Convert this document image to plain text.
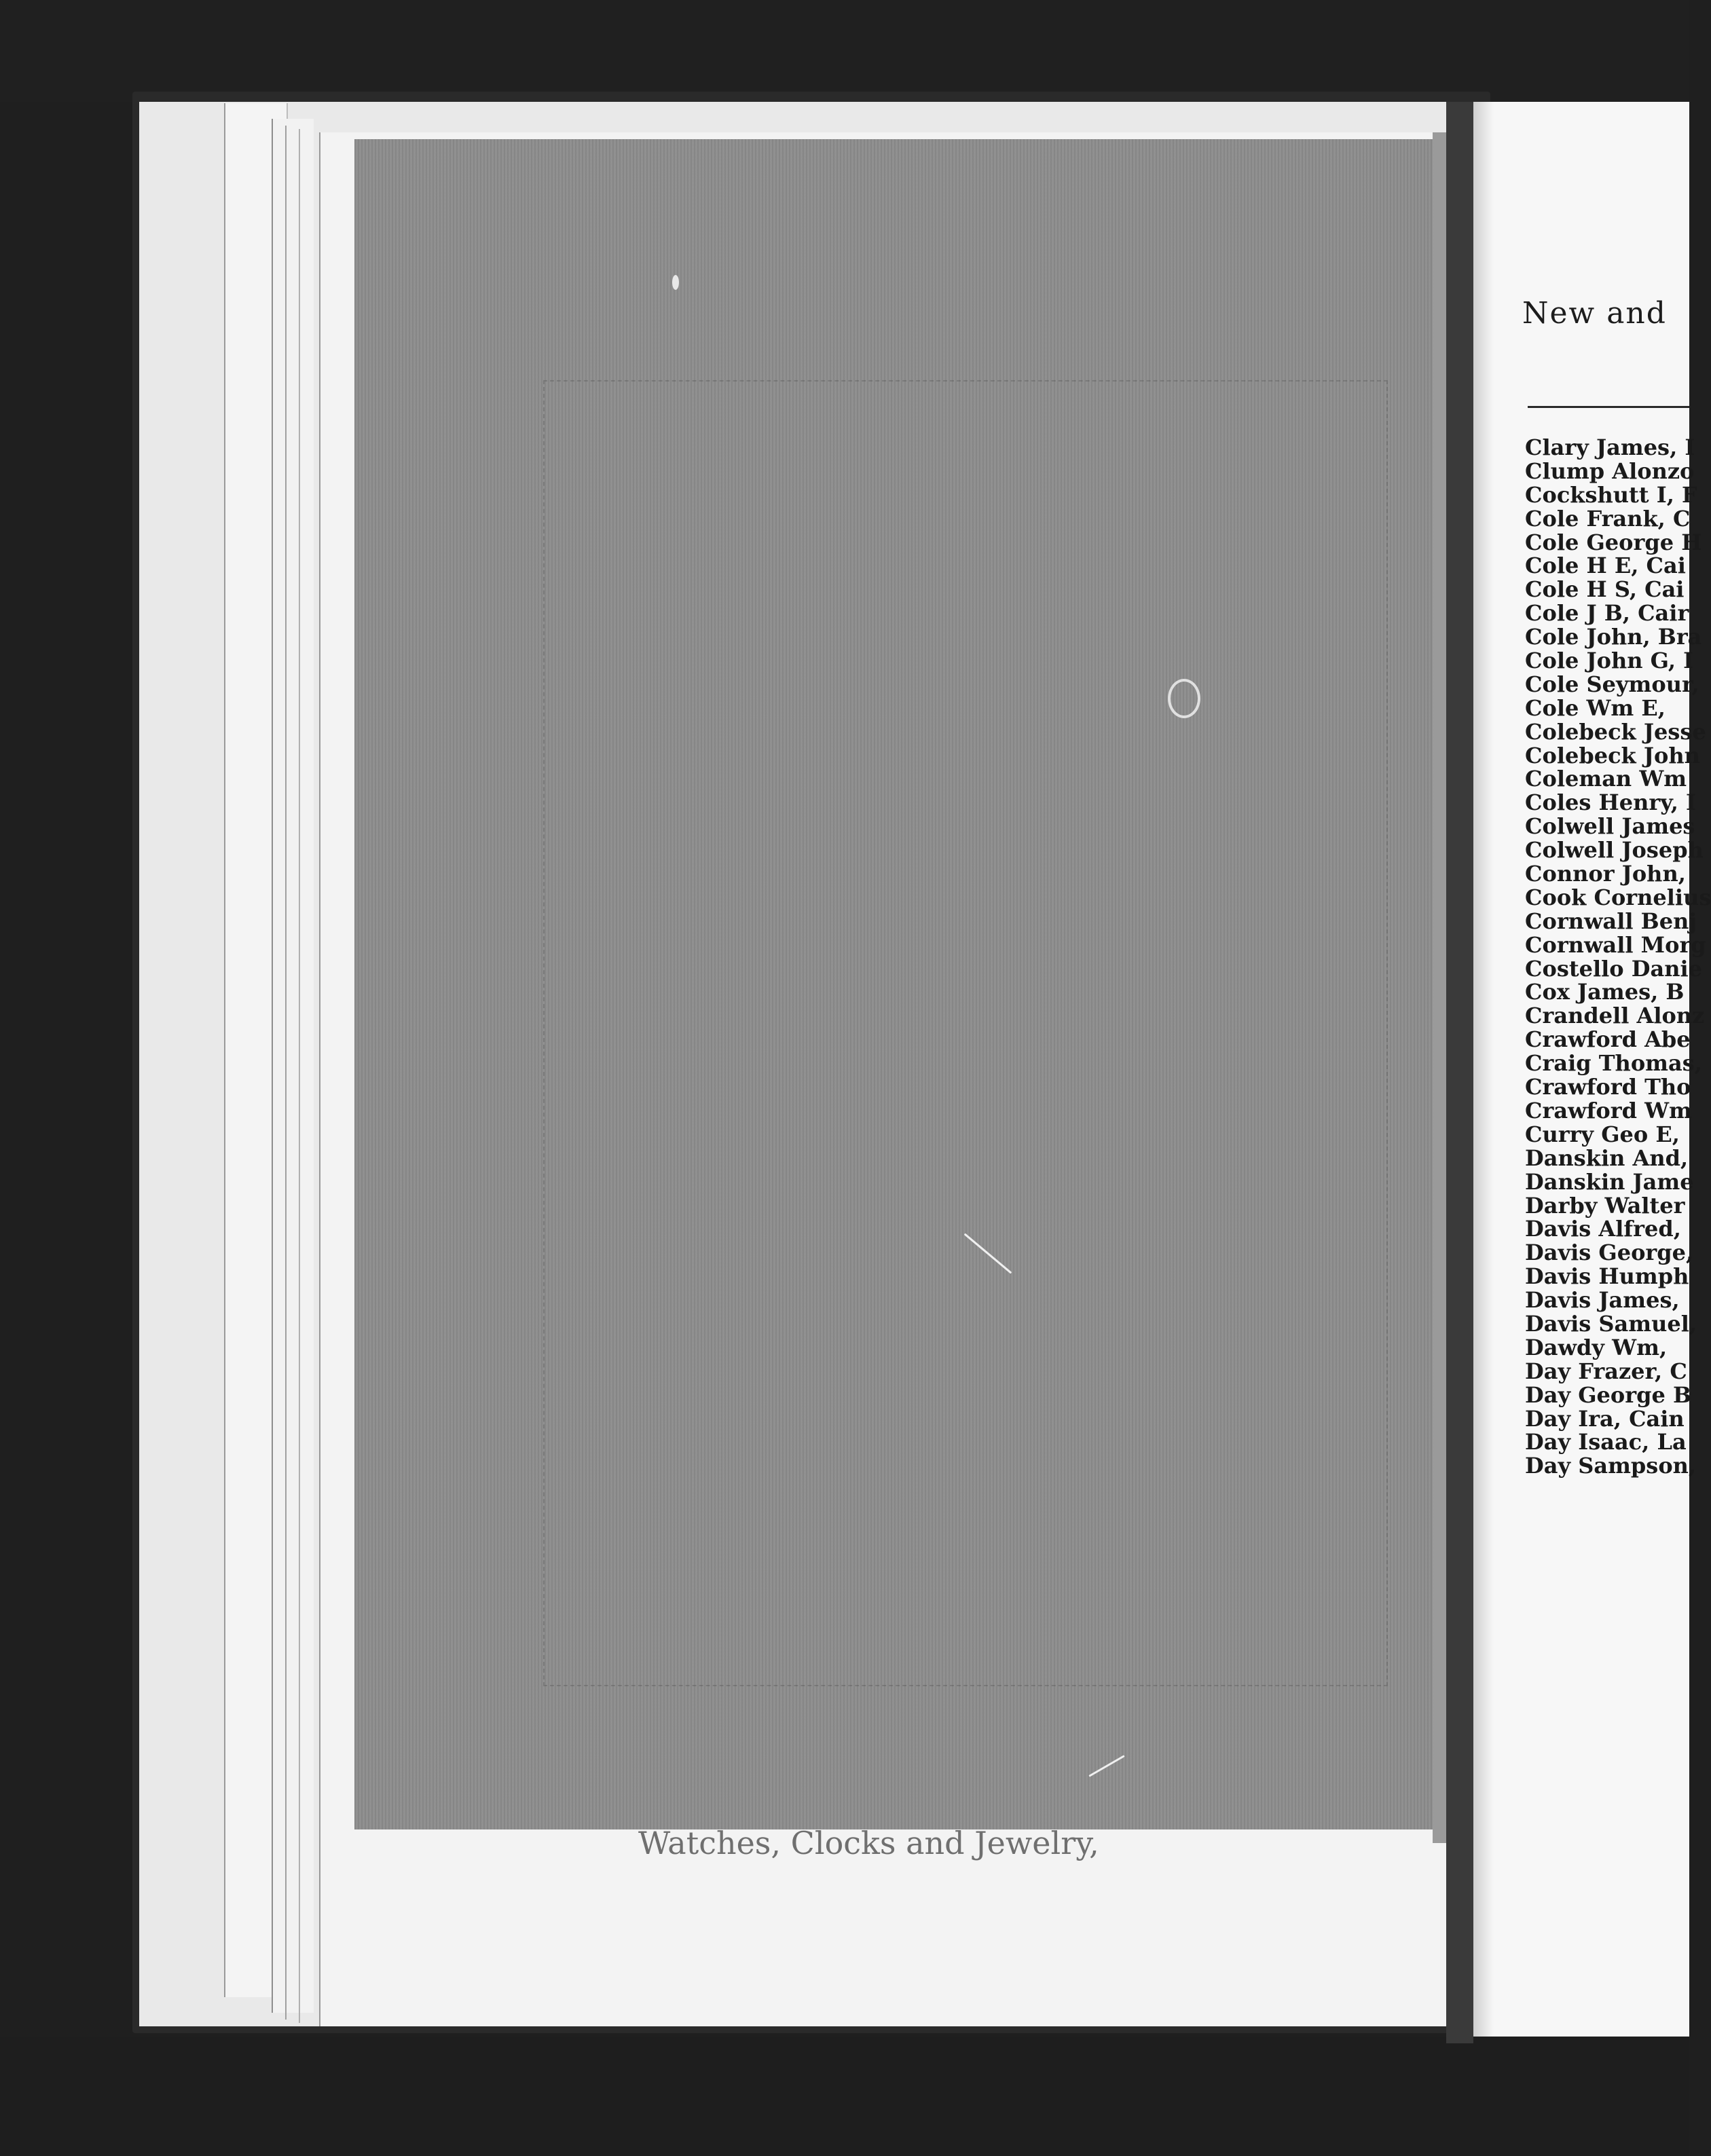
Watches, Clocks and Jewelry,
New and
Clary James, I
Clump Alonzo
Cockshutt I, F
Cole Frank, C
Cole George H
Cole H E, Cai
Cole H S, Cai
Cole J B, Cair
Cole John, Bra
Cole John G, I
Cole Seymour,
Cole Wm E,
Colebeck Jesse
Colebeck John
Coleman Wm
Coles Henry, I
Colwell James
Colwell Joseph
Connor John,
Cook Cornelius
Cornwall Benj
Cornwall Morg
Costello Danie
Cox James, B
Crandell Alonz
Crawford Abe
Craig Thomas,
Crawford Tho
Crawford Wm
Curry Geo E,
Danskin And,
Danskin Jame
Darby Walter
Davis Alfred,
Davis George,
Davis Humph
Davis James,
Davis Samuel,
Dawdy Wm,
Day Frazer, C
Day George B
Day Ira, Cain
Day Isaac, La
Day Sampson,
